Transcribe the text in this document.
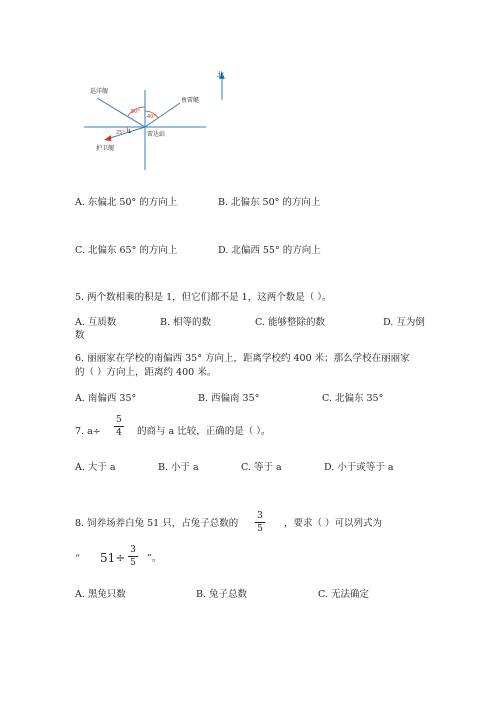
北
巡洋舰
鱼雷艇
雷达站
护卫舰
50°
40°
25° 1
A. 东偏北 50° 的方向上	B. 北偏东 50° 的方向上
C. 北偏东 65° 的方向上	D. 北偏西 55° 的方向上
5. 两个数相乘的积是 1，但它们都不是 1，这两个数是（ ）。
A. 互质数	B. 相等的数	C. 能够整除的数	D. 互为倒
数
6. 丽丽家在学校的南偏西 35° 方向上，距离学校约 400 米；那么学校在丽丽家
的（ ）方向上，距离约 400 米。
A. 南偏西 35°	B. 西偏南 35°	C. 北偏东 35°
7. a÷
5
4	的商与 a 比较，正确的是（ ）。
A. 大于 a	B. 小于 a	C. 等于 a	D. 小于或等于 a
8. 饲养场养白兔 51 只，占兔子总数的
3
5	，要求（ ）可以列式为
“ 51÷
3
5	”。
A. 黑兔只数	B. 兔子总数	C. 无法确定
